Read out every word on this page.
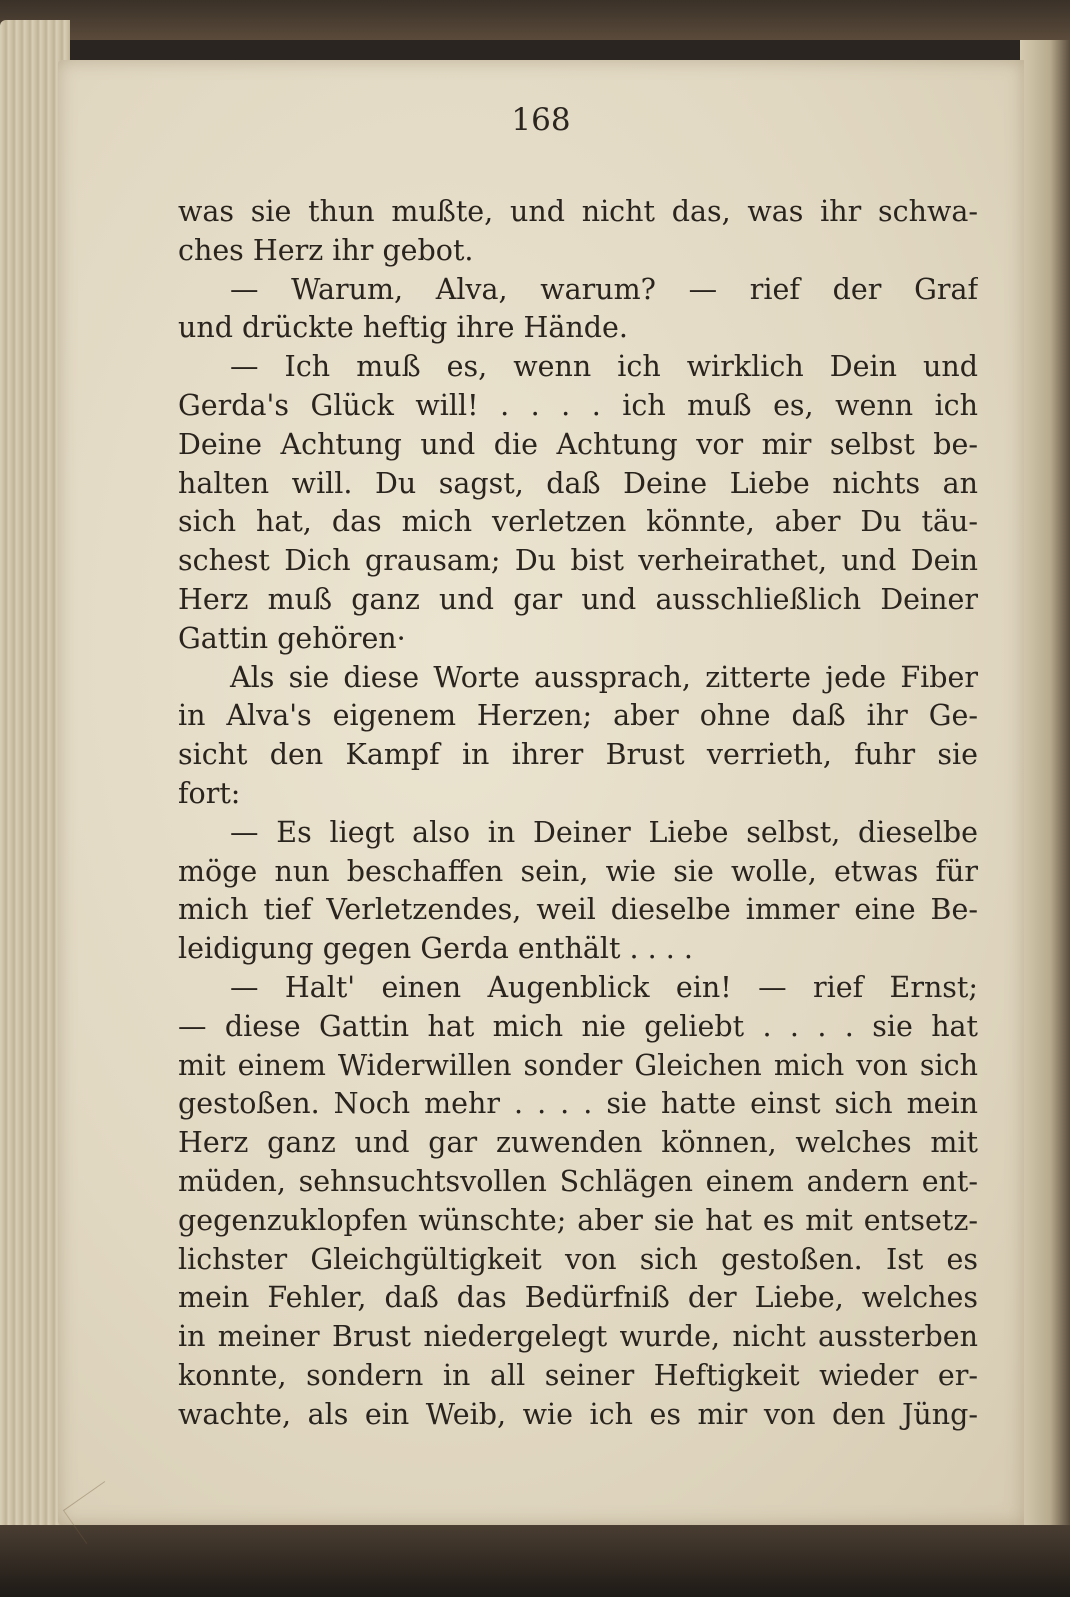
168
was sie thun mußte, und nicht das, was ihr schwa-
ches Herz ihr gebot.
— Warum, Alva, warum? — rief der Graf
und drückte heftig ihre Hände.
— Ich muß es, wenn ich wirklich Dein und
Gerda's Glück will! . . . . ich muß es, wenn ich
Deine Achtung und die Achtung vor mir selbst be-
halten will. Du sagst, daß Deine Liebe nichts an
sich hat, das mich verletzen könnte, aber Du täu-
schest Dich grausam; Du bist verheirathet, und Dein
Herz muß ganz und gar und ausschließlich Deiner
Gattin gehören·
Als sie diese Worte aussprach, zitterte jede Fiber
in Alva's eigenem Herzen; aber ohne daß ihr Ge-
sicht den Kampf in ihrer Brust verrieth, fuhr sie
fort:
— Es liegt also in Deiner Liebe selbst, dieselbe
möge nun beschaffen sein, wie sie wolle, etwas für
mich tief Verletzendes, weil dieselbe immer eine Be-
leidigung gegen Gerda enthält . . . .
— Halt' einen Augenblick ein! — rief Ernst;
— diese Gattin hat mich nie geliebt . . . . sie hat
mit einem Widerwillen sonder Gleichen mich von sich
gestoßen. Noch mehr . . . . sie hatte einst sich mein
Herz ganz und gar zuwenden können, welches mit
müden, sehnsuchtsvollen Schlägen einem andern ent-
gegenzuklopfen wünschte; aber sie hat es mit entsetz-
lichster Gleichgültigkeit von sich gestoßen. Ist es
mein Fehler, daß das Bedürfniß der Liebe, welches
in meiner Brust niedergelegt wurde, nicht aussterben
konnte, sondern in all seiner Heftigkeit wieder er-
wachte, als ein Weib, wie ich es mir von den Jüng-
